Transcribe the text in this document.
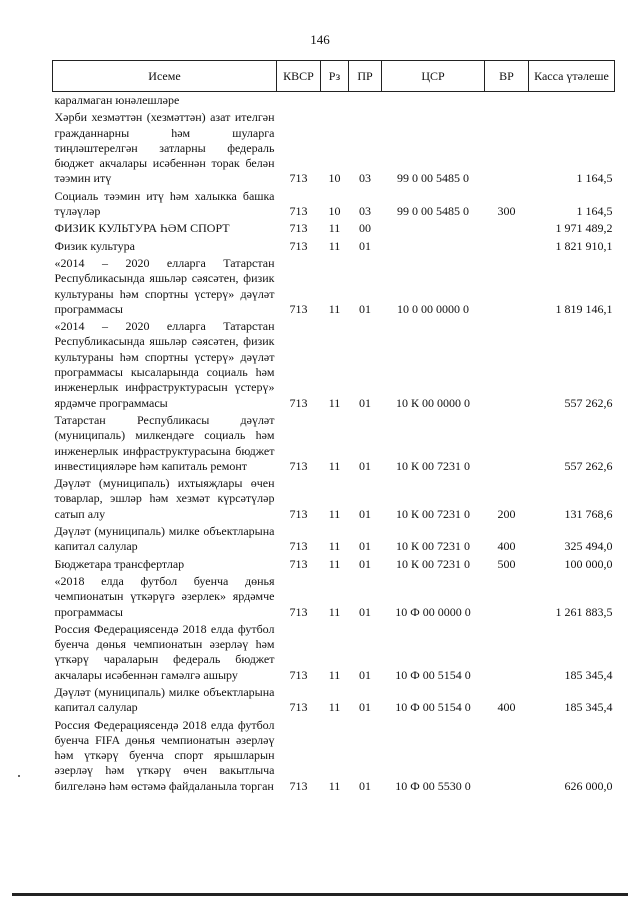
146
Исеме	КВСР	Рз	ПР	ЦСР	ВР	Касса үтәлеше
каралмаган юнәлешләре						
Хәрби хезмәттән (хезмәттән) азат ителгән гражданнарны һәм шуларга тиңләштерелгән затларны федераль бюджет акчалары исәбеннән торак белән тәэмин итү	713	10	03	99 0 00 5485 0		1 164,5
Социаль тәэмин итү һәм халыкка башка түләүләр	713	10	03	99 0 00 5485 0	300	1 164,5
ФИЗИК КУЛЬТУРА ҺӘМ СПОРТ	713	11	00			1 971 489,2
Физик культура	713	11	01			1 821 910,1
«2014 – 2020 елларга Татарстан Республикасында яшьләр сәясәтен, физик культураны һәм спортны үстерү» дәүләт программасы	713	11	01	10 0 00 0000 0		1 819 146,1
«2014 – 2020 елларга Татарстан Республикасында яшьләр сәясәтен, физик культураны һәм спортны үстерү» дәүләт программасы кысаларында социаль һәм инженерлык инфраструктурасын үстерү» ярдәмче программасы	713	11	01	10 К 00 0000 0		557 262,6
Татарстан Республикасы дәүләт (муниципаль) милкендәге социаль һәм инженерлык инфраструктурасына бюджет инвестицияләре һәм капиталь ремонт	713	11	01	10 К 00 7231 0		557 262,6
Дәүләт (муниципаль) ихтыяҗлары өчен товарлар, эшләр һәм хезмәт күрсәтүләр сатып алу	713	11	01	10 К 00 7231 0	200	131 768,6
Дәүләт (муниципаль) милке объектларына капитал салулар	713	11	01	10 К 00 7231 0	400	325 494,0
Бюджетара трансфертлар	713	11	01	10 К 00 7231 0	500	100 000,0
«2018 елда футбол буенча дөнья чемпионатын үткәрүгә әзерлек» ярдәмче программасы	713	11	01	10 Ф 00 0000 0		1 261 883,5
Россия Федерациясендә 2018 елда футбол буенча дөнья чемпионатын әзерләү һәм үткәрү чараларын федераль бюджет акчалары исәбеннән гамәлгә ашыру	713	11	01	10 Ф 00 5154 0		185 345,4
Дәүләт (муниципаль) милке объектларына капитал салулар	713	11	01	10 Ф 00 5154 0	400	185 345,4
Россия Федерациясендә 2018 елда футбол буенча FIFA дөнья чемпионатын әзерләү һәм үткәрү буенча спорт ярышларын әзерләү һәм үткәрү өчен вакытлыча билгеләнә һәм өстәмә файдаланыла торган	713	11	01	10 Ф 00 5530 0		626 000,0
